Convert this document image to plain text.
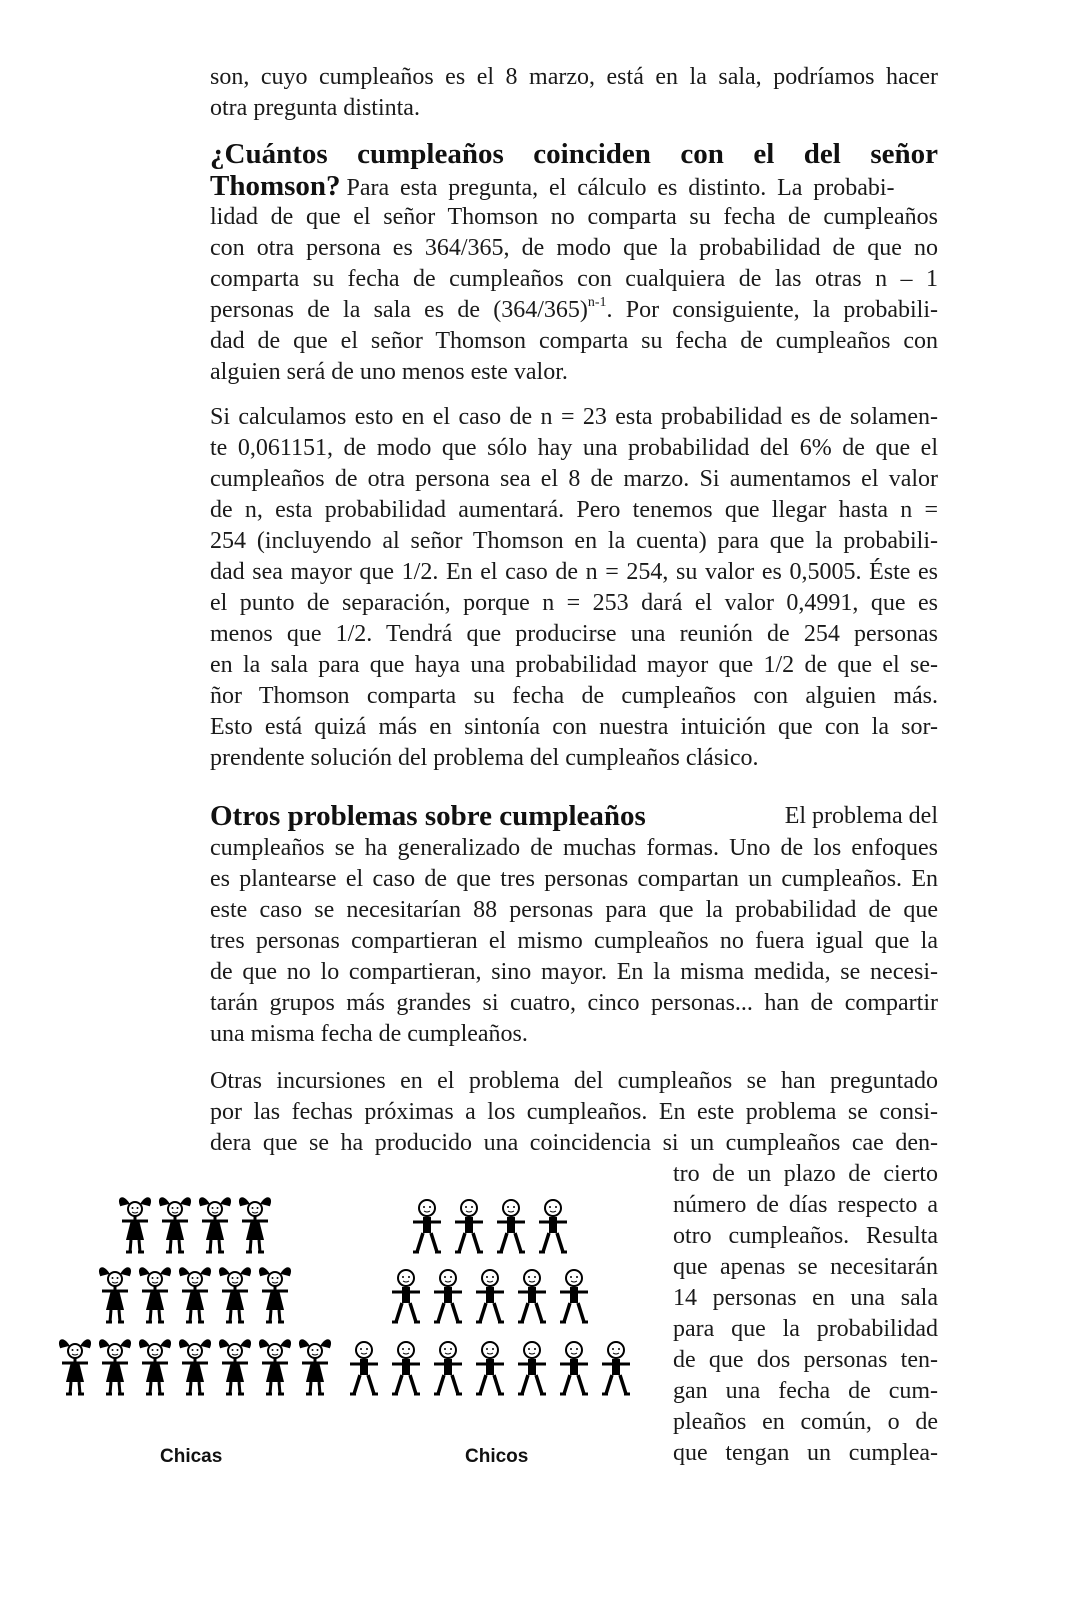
son, cuyo cumpleaños es el 8 marzo, está en la sala, podríamos hacer
otra pregunta distinta.
¿Cuántos cumpleaños coinciden con el del señor
Thomson? Para esta pregunta, el cálculo es distinto. La probabi-
lidad de que el señor Thomson no comparta su fecha de cumpleaños
con otra persona es 364/365, de modo que la probabilidad de que no
comparta su fecha de cumpleaños con cualquiera de las otras n – 1
personas de la sala es de $(364/365)^{n-1}$. Por consiguiente, la probabili-
dad de que el señor Thomson comparta su fecha de cumpleaños con
alguien será de uno menos este valor.
Si calculamos esto en el caso de n = 23 esta probabilidad es de solamen-
te 0,061151, de modo que sólo hay una probabilidad del 6% de que el
cumpleaños de otra persona sea el 8 de marzo. Si aumentamos el valor
de n, esta probabilidad aumentará. Pero tenemos que llegar hasta n =
254 (incluyendo al señor Thomson en la cuenta) para que la probabili-
dad sea mayor que 1/2. En el caso de n = 254, su valor es 0,5005. Éste es
el punto de separación, porque n = 253 dará el valor 0,4991, que es
menos que 1/2. Tendrá que producirse una reunión de 254 personas
en la sala para que haya una probabilidad mayor que 1/2 de que el se-
ñor Thomson comparta su fecha de cumpleaños con alguien más.
Esto está quizá más en sintonía con nuestra intuición que con la sor-
prendente solución del problema del cumpleaños clásico.
Otros problemas sobre cumpleaños	El problema del
cumpleaños se ha generalizado de muchas formas. Uno de los enfoques
es plantearse el caso de que tres personas compartan un cumpleaños. En
este caso se necesitarían 88 personas para que la probabilidad de que
tres personas compartieran el mismo cumpleaños no fuera igual que la
de que no lo compartieran, sino mayor. En la misma medida, se necesi-
tarán grupos más grandes si cuatro, cinco personas... han de compartir
una misma fecha de cumpleaños.
Otras incursiones en el problema del cumpleaños se han preguntado
por las fechas próximas a los cumpleaños. En este problema se consi-
dera que se ha producido una coincidencia si un cumpleaños cae den-
tro de un plazo de cierto
número de días respecto a
otro cumpleaños. Resulta
que apenas se necesitarán
14 personas en una sala
para que la probabilidad
de que dos personas ten-
gan una fecha de cum-
pleaños en común, o de
que tengan un cumplea-
Chicas	Chicos
